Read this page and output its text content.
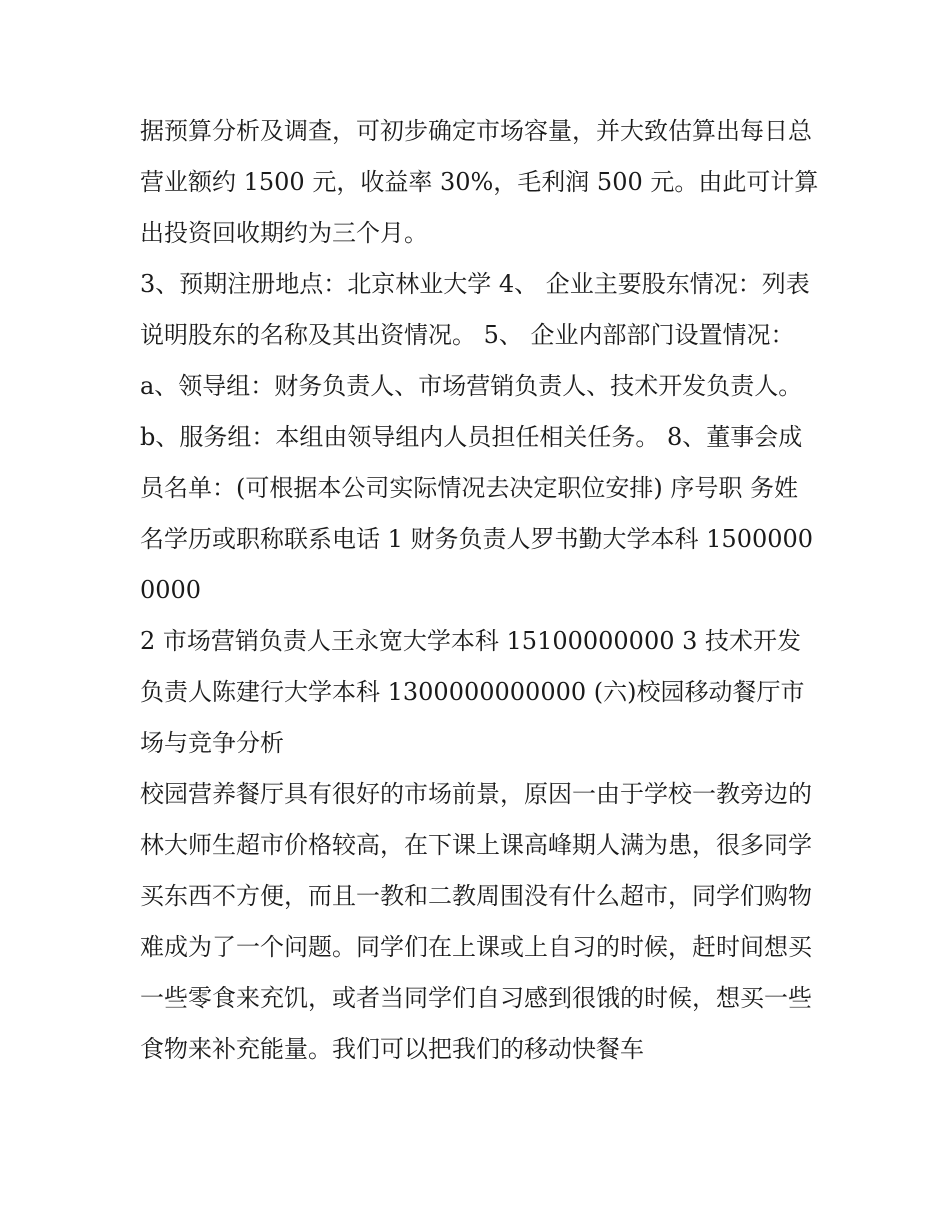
据预算分析及调查，可初步确定市场容量，并大致估算出每日总营业额约 1500 元，收益率 30%，毛利润 500 元。由此可计算出投资回收期约为三个月。

3、预期注册地点：北京林业大学 4、 企业主要股东情况：列表说明股东的名称及其出资情况。 5、 企业内部部门设置情况：

a、领导组：财务负责人、市场营销负责人、技术开发负责人。 b、服务组：本组由领导组内人员担任相关任务。 8、董事会成员名单：(可根据本公司实际情况去决定职位安排) 序号职 务姓 名学历或职称联系电话 1 财务负责人罗书勤大学本科 15000000000

2 市场营销负责人王永宽大学本科 15100000000 3 技术开发负责人陈建行大学本科 1300000000000 (六)校园移动餐厅市场与竞争分析

校园营养餐厅具有很好的市场前景，原因一由于学校一教旁边的林大师生超市价格较高，在下课上课高峰期人满为患，很多同学买东西不方便，而且一教和二教周围没有什么超市，同学们购物难成为了一个问题。同学们在上课或上自习的时候，赶时间想买一些零食来充饥，或者当同学们自习感到很饿的时候，想买一些食物来补充能量。我们可以把我们的移动快餐车
